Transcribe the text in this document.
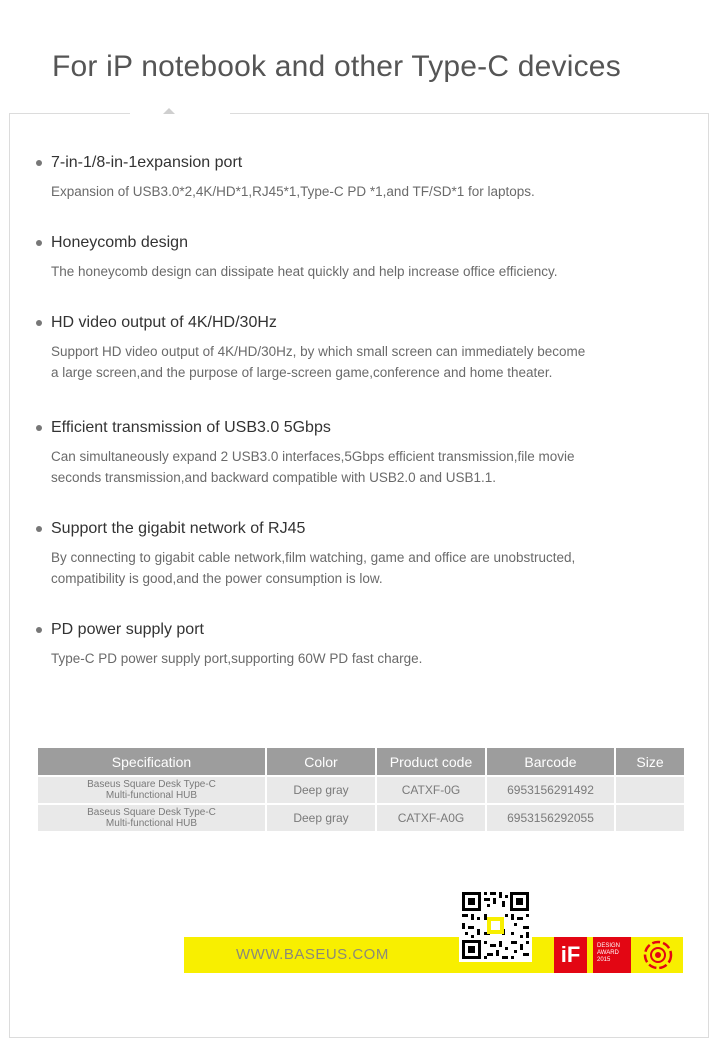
For iP notebook and other Type-C devices
7-in-1/8-in-1expansion port

Expansion of USB3.0*2,4K/HD*1,RJ45*1,Type-C PD *1,and TF/SD*1 for laptops.

Honeycomb design

The honeycomb design can dissipate heat quickly and help increase office efficiency.

HD video output of 4K/HD/30Hz

Support HD video output of 4K/HD/30Hz, by which small screen can immediately become
a large screen,and the purpose of large-screen game,conference and home theater.

Efficient transmission of USB3.0 5Gbps

Can simultaneously expand 2 USB3.0 interfaces,5Gbps efficient transmission,file movie
seconds transmission,and backward compatible with USB2.0 and USB1.1.

Support the gigabit network of RJ45

By connecting to gigabit cable network,film watching, game and office are unobstructed,
compatibility is good,and the power consumption is low.

PD power supply port

Type-C PD power supply port,supporting 60W PD fast charge.

Specification	Color	Product code	Barcode	Size
Baseus Square Desk Type-C
Multi-functional HUB	Deep gray	CATXF-0G	6953156291492	
Baseus Square Desk Type-C
Multi-functional HUB	Deep gray	CATXF-A0G	6953156292055	
WWW.BASEUS.COM	iF	DESIGN
AWARD
2015
